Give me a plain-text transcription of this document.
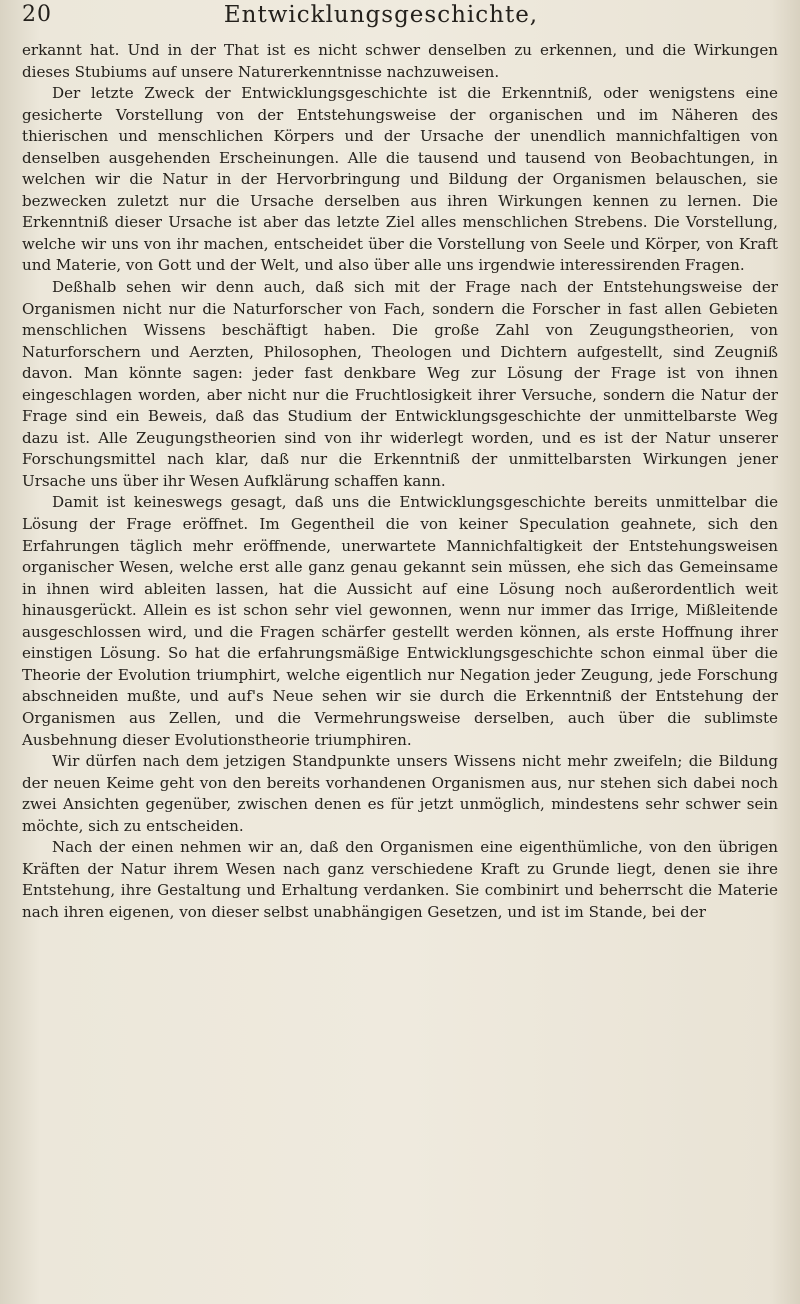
20	Entwicklungsgeschichte,

erkannt hat. Und in der That ist es nicht schwer denselben zu erkennen, und die Wirkungen dieses Stubiums auf unsere Naturerkenntnisse nachzuweisen.

Der letzte Zweck der Entwicklungsgeschichte ist die Erkenntniß, oder wenigstens eine gesicherte Vorstellung von der Entstehungsweise der organischen und im Näheren des thierischen und menschlichen Körpers und der Ursache der unendlich mannichfaltigen von denselben ausgehenden Erscheinungen. Alle die tausend und tausend von Beobachtungen, in welchen wir die Natur in der Hervorbringung und Bildung der Organismen belauschen, sie bezwecken zuletzt nur die Ursache derselben aus ihren Wirkungen kennen zu lernen. Die Erkenntniß dieser Ursache ist aber das letzte Ziel alles menschlichen Strebens. Die Vorstellung, welche wir uns von ihr machen, entscheidet über die Vorstellung von Seele und Körper, von Kraft und Materie, von Gott und der Welt, und also über alle uns irgendwie interessirenden Fragen.

Deßhalb sehen wir denn auch, daß sich mit der Frage nach der Entstehungsweise der Organismen nicht nur die Naturforscher von Fach, sondern die Forscher in fast allen Gebieten menschlichen Wissens beschäftigt haben. Die große Zahl von Zeugungstheorien, von Naturforschern und Aerzten, Philosophen, Theologen und Dichtern aufgestellt, sind Zeugniß davon. Man könnte sagen: jeder fast denkbare Weg zur Lösung der Frage ist von ihnen eingeschlagen worden, aber nicht nur die Fruchtlosigkeit ihrer Versuche, sondern die Natur der Frage sind ein Beweis, daß das Studium der Entwicklungsgeschichte der unmittelbarste Weg dazu ist. Alle Zeugungstheorien sind von ihr widerlegt worden, und es ist der Natur unserer Forschungsmittel nach klar, daß nur die Erkenntniß der unmittelbarsten Wirkungen jener Ursache uns über ihr Wesen Aufklärung schaffen kann.

Damit ist keineswegs gesagt, daß uns die Entwicklungsgeschichte bereits unmittelbar die Lösung der Frage eröffnet. Im Gegentheil die von keiner Speculation geahnete, sich den Erfahrungen täglich mehr eröffnende, unerwartete Mannichfaltigkeit der Entstehungsweisen organischer Wesen, welche erst alle ganz genau gekannt sein müssen, ehe sich das Gemeinsame in ihnen wird ableiten lassen, hat die Aussicht auf eine Lösung noch außerordentlich weit hinausgerückt. Allein es ist schon sehr viel gewonnen, wenn nur immer das Irrige, Mißleitende ausgeschlossen wird, und die Fragen schärfer gestellt werden können, als erste Hoffnung ihrer einstigen Lösung. So hat die erfahrungsmäßige Entwicklungsgeschichte schon einmal über die Theorie der Evolution triumphirt, welche eigentlich nur Negation jeder Zeugung, jede Forschung abschneiden mußte, und auf's Neue sehen wir sie durch die Erkenntniß der Entstehung der Organismen aus Zellen, und die Vermehrungsweise derselben, auch über die sublimste Ausbehnung dieser Evolutionstheorie triumphiren.

Wir dürfen nach dem jetzigen Standpunkte unsers Wissens nicht mehr zweifeln; die Bildung der neuen Keime geht von den bereits vorhandenen Organismen aus, nur stehen sich dabei noch zwei Ansichten gegenüber, zwischen denen es für jetzt unmöglich, mindestens sehr schwer sein möchte, sich zu entscheiden.

Nach der einen nehmen wir an, daß den Organismen eine eigenthümliche, von den übrigen Kräften der Natur ihrem Wesen nach ganz verschiedene Kraft zu Grunde liegt, denen sie ihre Entstehung, ihre Gestaltung und Erhaltung verdanken. Sie combinirt und beherrscht die Materie nach ihren eigenen, von dieser selbst unabhängigen Gesetzen, und ist im Stande, bei der
